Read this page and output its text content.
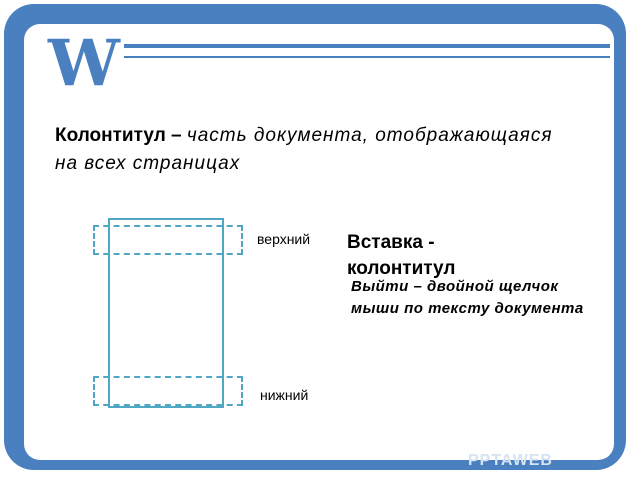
W
Колонтитул – часть документа, отображающаяся на всех страницах
верхний
нижний
Вставка - колонтитул
Выйти – двойной щелчок мыши по тексту документа
PPTAWEB
